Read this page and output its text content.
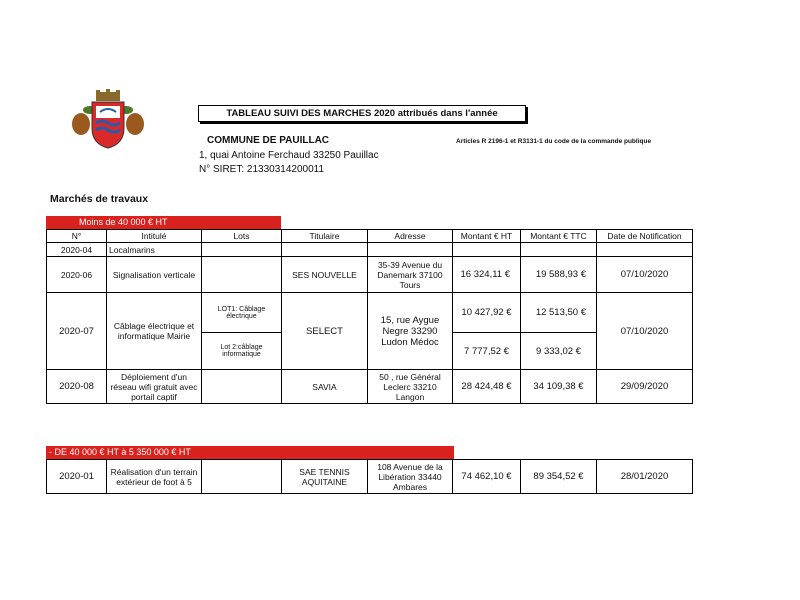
TABLEAU SUIVI DES MARCHES 2020 attribués dans l'année
COMMUNE DE PAUILLAC	Articles R 2196-1 et R3131-1 du code de la commande publique
1, quai Antoine Ferchaud 33250 Pauillac
N° SIRET: 21330314200011
Marchés de travaux
Moins de 40 000 € HT
N°	Intitulé	Lots	Titulaire	Adresse	Montant € HT	Montant € TTC	Date de Notification
2020-04	Localmarins						
2020-06	Signalisation verticale		SES NOUVELLE	35-39 Avenue du Danemark 37100 Tours	16 324,11 €	19 588,93 €	07/10/2020
2020-07	Câblage électrique et informatique Mairie	LOT1: Câblage électrique	SELECT	15, rue Aygue Negre 33290 Ludon Médoc	10 427,92 €	12 513,50 €	07/10/2020
		Lot 2:câblage informatique			7 777,52 €	9 333,02 €	
2020-08	Déploiement d'un réseau wifi gratuit avec portail captif		SAVIA	50 , rue Général Leclerc 33210 Langon	28 424,48 €	34 109,38 €	29/09/2020
- DE 40 000 € HT à 5 350 000 € HT
2020-01	Réalisation d'un terrain extérieur de foot à 5		SAE TENNIS AQUITAINE	108 Avenue de la Libération 33440 Ambares	74 462,10 €	89 354,52 €	28/01/2020
